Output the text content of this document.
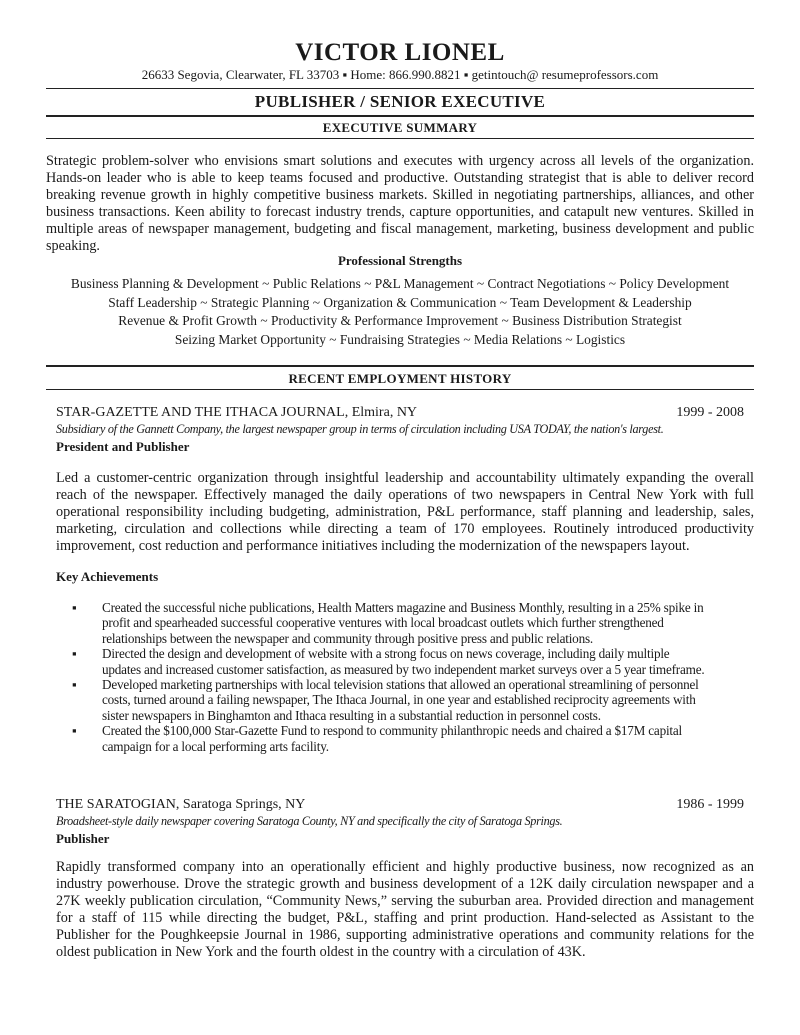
VICTOR LIONEL
26633 Segovia, Clearwater, FL 33703 ▪ Home: 866.990.8821 ▪ getintouch@ resumeprofessors.com
PUBLISHER / SENIOR EXECUTIVE
EXECUTIVE SUMMARY
Strategic problem-solver who envisions smart solutions and executes with urgency across all levels of the organization. Hands-on leader who is able to keep teams focused and productive. Outstanding strategist that is able to deliver record breaking revenue growth in highly competitive business markets. Skilled in negotiating partnerships, alliances, and other business transactions. Keen ability to forecast industry trends, capture opportunities, and catapult new ventures. Skilled in multiple areas of newspaper management, budgeting and fiscal management, marketing, business development and public speaking.
Professional Strengths
Business Planning & Development ~ Public Relations ~ P&L Management ~ Contract Negotiations ~ Policy Development
Staff Leadership ~ Strategic Planning ~ Organization & Communication ~ Team Development & Leadership
Revenue & Profit Growth ~ Productivity & Performance Improvement ~ Business Distribution Strategist
Seizing Market Opportunity ~ Fundraising Strategies ~ Media Relations ~ Logistics
RECENT EMPLOYMENT HISTORY
STAR-GAZETTE AND THE ITHACA JOURNAL, Elmira, NY	1999 - 2008
Subsidiary of the Gannett Company, the largest newspaper group in terms of circulation including USA TODAY, the nation's largest.
President and Publisher
Led a customer-centric organization through insightful leadership and accountability ultimately expanding the overall reach of the newspaper. Effectively managed the daily operations of two newspapers in Central New York with full operational responsibility including budgeting, administration, P&L performance, staff planning and leadership, sales, marketing, circulation and collections while directing a team of 170 employees. Routinely introduced productivity improvement, cost reduction and performance initiatives including the modernization of the newspapers layout.
Key Achievements
▪ Created the successful niche publications, Health Matters magazine and Business Monthly, resulting in a 25% spike in profit and spearheaded successful cooperative ventures with local broadcast outlets which further strengthened relationships between the newspaper and community through positive press and public relations.
▪ Directed the design and development of website with a strong focus on news coverage, including daily multiple updates and increased customer satisfaction, as measured by two independent market surveys over a 5 year timeframe.
▪ Developed marketing partnerships with local television stations that allowed an operational streamlining of personnel costs, turned around a failing newspaper, The Ithaca Journal, in one year and established reciprocity agreements with sister newspapers in Binghamton and Ithaca resulting in a substantial reduction in personnel costs.
▪ Created the $100,000 Star-Gazette Fund to respond to community philanthropic needs and chaired a $17M capital campaign for a local performing arts facility.
THE SARATOGIAN, Saratoga Springs, NY	1986 - 1999
Broadsheet-style daily newspaper covering Saratoga County, NY and specifically the city of Saratoga Springs.
Publisher
Rapidly transformed company into an operationally efficient and highly productive business, now recognized as an industry powerhouse. Drove the strategic growth and business development of a 12K daily circulation newspaper and a 27K weekly publication circulation, “Community News,” serving the suburban area. Provided direction and management for a staff of 115 while directing the budget, P&L, staffing and print production. Hand-selected as Assistant to the Publisher for the Poughkeepsie Journal in 1986, supporting administrative operations and community relations for the oldest publication in New York and the fourth oldest in the country with a circulation of 43K.
